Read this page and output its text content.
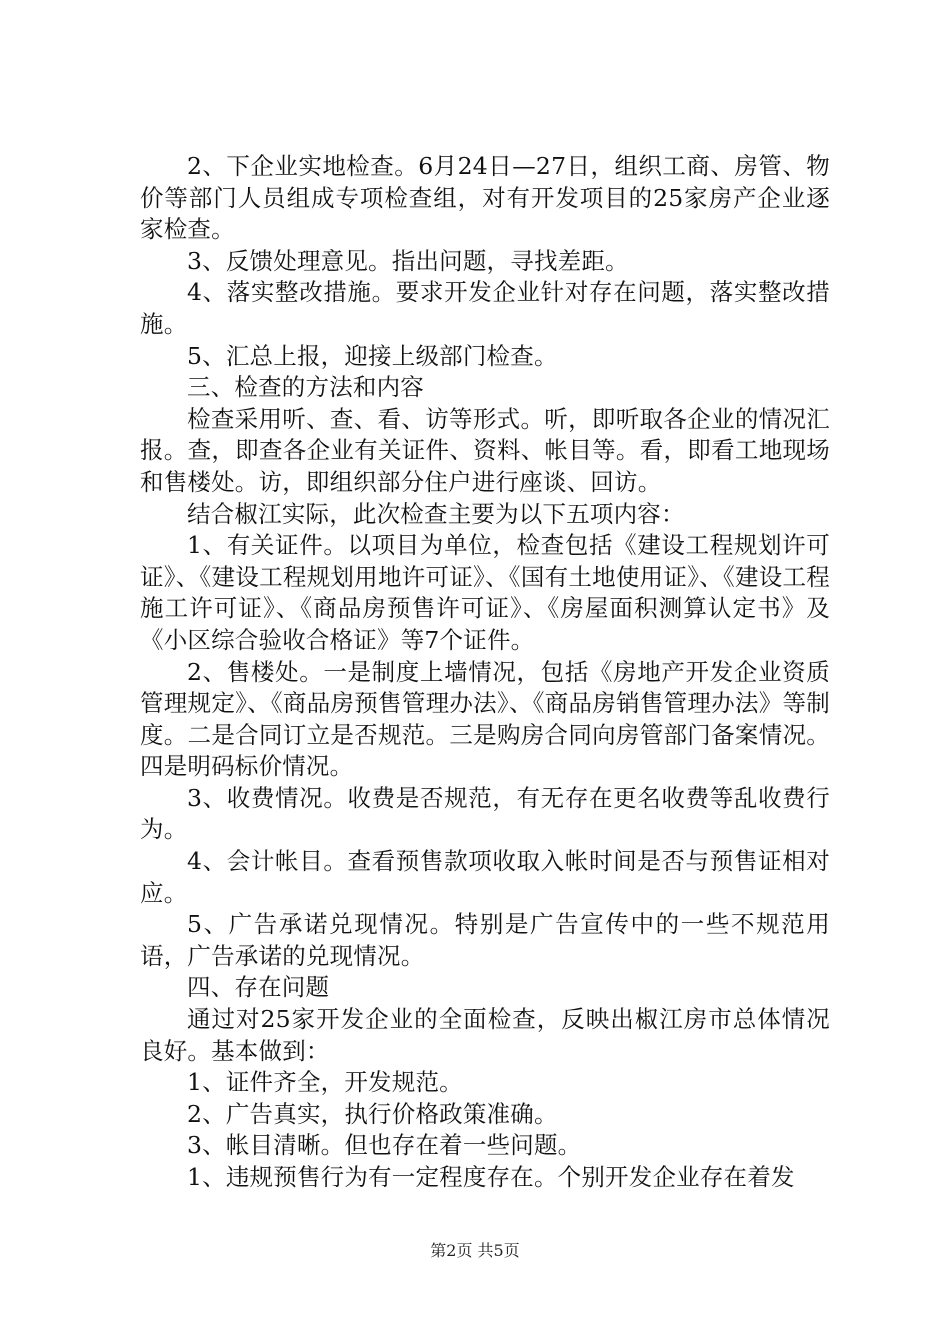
2、下企业实地检查。6月24日—27日，组织工商、房管、物价等部门人员组成专项检查组，对有开发项目的25家房产企业逐家检查。

3、反馈处理意见。指出问题，寻找差距。

4、落实整改措施。要求开发企业针对存在问题，落实整改措施。

5、汇总上报，迎接上级部门检查。

三、检查的方法和内容

检查采用听、查、看、访等形式。听，即听取各企业的情况汇报。查，即查各企业有关证件、资料、帐目等。看，即看工地现场和售楼处。访，即组织部分住户进行座谈、回访。

结合椒江实际，此次检查主要为以下五项内容：

1、有关证件。以项目为单位，检查包括《建设工程规划许可证》、《建设工程规划用地许可证》、《国有土地使用证》、《建设工程施工许可证》、《商品房预售许可证》、《房屋面积测算认定书》及《小区综合验收合格证》等7个证件。

2、售楼处。一是制度上墙情况，包括《房地产开发企业资质管理规定》、《商品房预售管理办法》、《商品房销售管理办法》等制度。二是合同订立是否规范。三是购房合同向房管部门备案情况。四是明码标价情况。

3、收费情况。收费是否规范，有无存在更名收费等乱收费行为。

4、会计帐目。查看预售款项收取入帐时间是否与预售证相对应。

5、广告承诺兑现情况。特别是广告宣传中的一些不规范用语，广告承诺的兑现情况。

四、存在问题

通过对25家开发企业的全面检查，反映出椒江房市总体情况良好。基本做到：

1、证件齐全，开发规范。

2、广告真实，执行价格政策准确。

3、帐目清晰。但也存在着一些问题。

1、违规预售行为有一定程度存在。个别开发企业存在着发

第2页 共5页
